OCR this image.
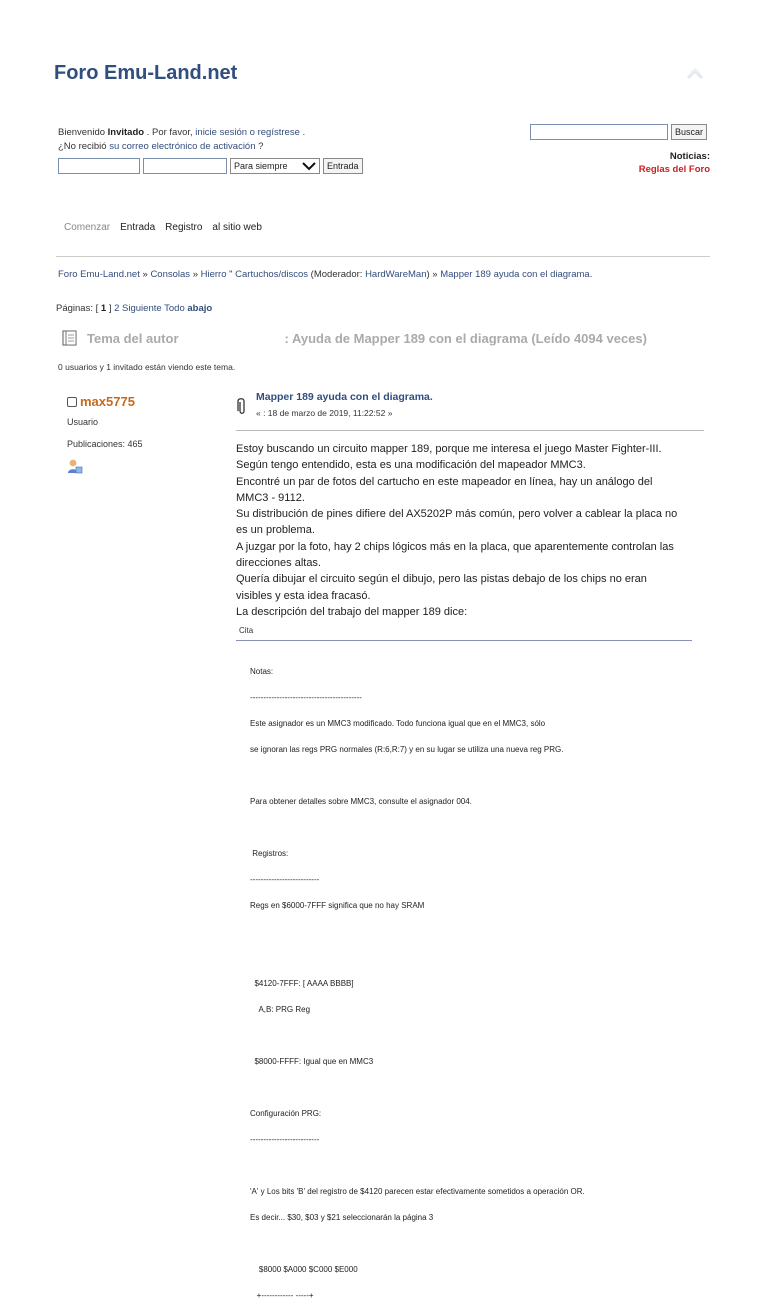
Foro Emu-Land.net
Bienvenido Invitado . Por favor, inicie sesión o regístrese .
¿No recibió su correo electrónico de activación ?
Para siempre	Entrada
Buscar
Noticias:
Reglas del Foro
Comenzar Entrada Registro al sitio web
Foro Emu-Land.net » Consolas » Hierro " Cartuchos/discos (Moderador: HardWareMan) » Mapper 189 ayuda con el diagrama.
Páginas: [ 1 ] 2 Siguiente Todo abajo
Tema del autor	: Ayuda de Mapper 189 con el diagrama (Leído 4094 veces)
0 usuarios y 1 invitado están viendo este tema.
max5775
Usuario
Publicaciones: 465
Mapper 189 ayuda con el diagrama.
« : 18 de marzo de 2019, 11:22:52 »
Estoy buscando un circuito mapper 189, porque me interesa el juego Master Fighter-III.
Según tengo entendido, esta es una modificación del mapeador MMC3.
Encontré un par de fotos del cartucho en este mapeador en línea, hay un análogo del
MMC3 - 9112.
Su distribución de pines difiere del AX5202P más común, pero volver a cablear la placa no
es un problema.
A juzgar por la foto, hay 2 chips lógicos más en la placa, que aparentemente controlan las
direcciones altas.
Quería dibujar el circuito según el dibujo, pero las pistas debajo de los chips no eran
visibles y esta idea fracasó.
La descripción del trabajo del mapper 189 dice:
Cita

Notas:

------------------------------------------

Este asignador es un MMC3 modificado. Todo funciona igual que en el MMC3, sólo

se ignoran las regs PRG normales (R:6,R:7) y en su lugar se utiliza una nueva reg PRG.

Para obtener detalles sobre MMC3, consulte el asignador 004.

Registros:

--------------------------

Regs en $6000-7FFF significa que no hay SRAM

$4120-7FFF: [ AAAA BBBB]

A,B: PRG Reg

$8000-FFFF: Igual que en MMC3

Configuración PRG:

--------------------------

'A' y Los bits 'B' del registro de $4120 parecen estar efectivamente sometidos a operación OR.

Es decir... $30, $03 y $21 seleccionarán la página 3

$8000 $A000 $C000 $E000

+------------ -----+
